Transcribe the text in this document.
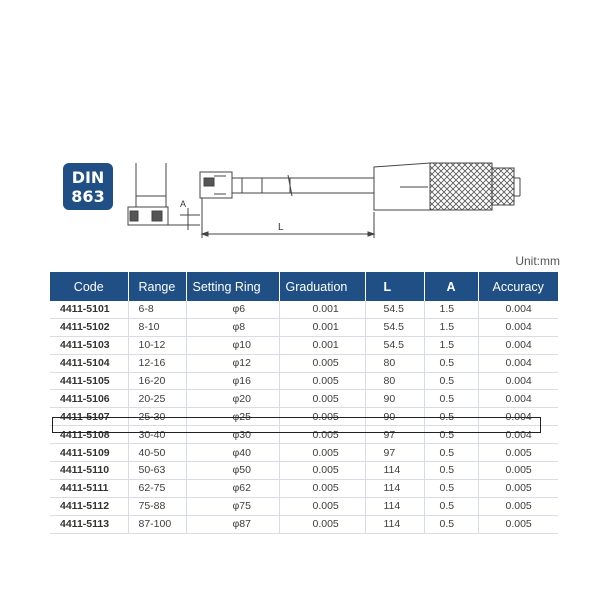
DIN
863	A
L
Unit:mm
Code	Range	Setting Ring	Graduation	L	A	Accuracy
4411-5101	6-8	φ6	0.001	54.5	1.5	0.004
4411-5102	8-10	φ8	0.001	54.5	1.5	0.004
4411-5103	10-12	φ10	0.001	54.5	1.5	0.004
4411-5104	12-16	φ12	0.005	80	0.5	0.004
4411-5105	16-20	φ16	0.005	80	0.5	0.004
4411-5106	20-25	φ20	0.005	90	0.5	0.004
4411-5107	25-30	φ25	0.005	90	0.5	0.004
4411-5108	30-40	φ30	0.005	97	0.5	0.004
4411-5109	40-50	φ40	0.005	97	0.5	0.005
4411-5110	50-63	φ50	0.005	114	0.5	0.005
4411-5111	62-75	φ62	0.005	114	0.5	0.005
4411-5112	75-88	φ75	0.005	114	0.5	0.005
4411-5113	87-100	φ87	0.005	114	0.5	0.005
